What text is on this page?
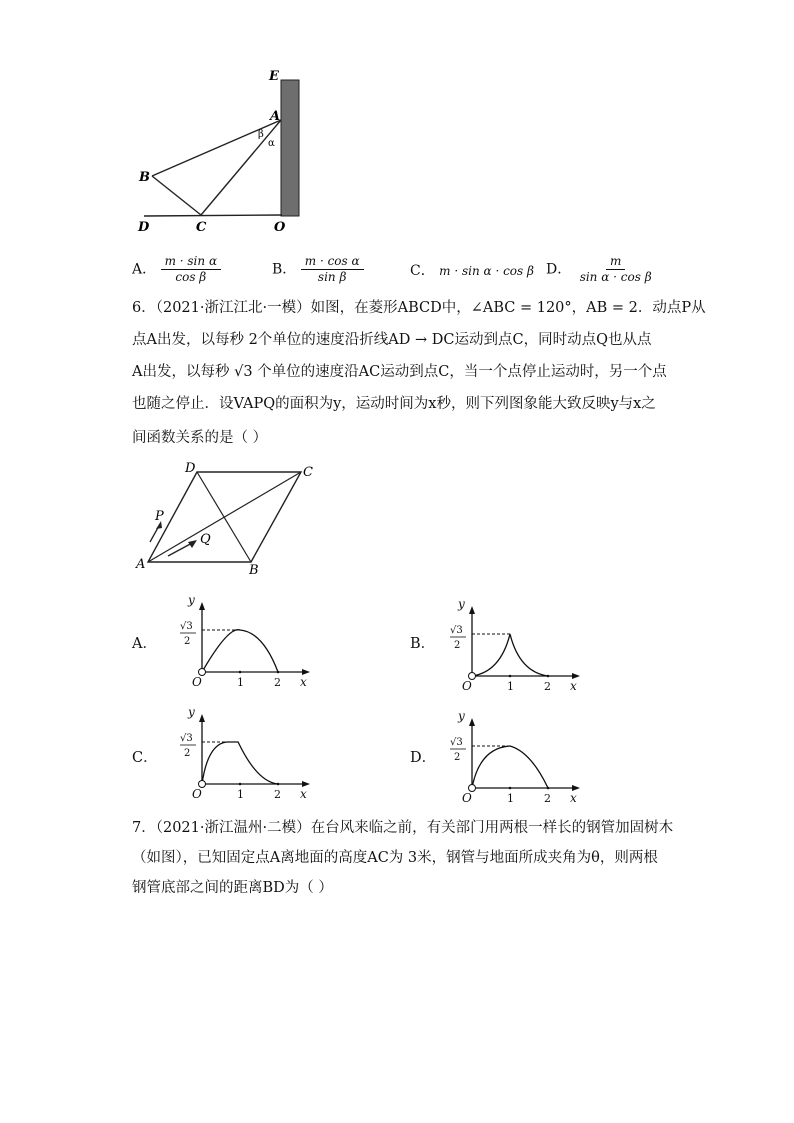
E
A
β
α
B
D	C	O
A． $\frac{\text{m · sin α}}{\text{cos β}}$	B． $\frac{\text{m · cos α}}{\text{sin β}}$	C． m · sin α · cos β D． $\frac{m}{\text{sin α · cos β}}$
6．（2021·浙江江北·一模）如图，在菱形ABCD中，∠ABC = 120°，AB = 2．动点P从
点A出发，以每秒 2个单位的速度沿折线AD → DC运动到点C，同时动点Q也从点
A出发，以每秒 √3 个单位的速度沿AC运动到点C，当一个点停止运动时，另一个点
也随之停止．设VAPQ的面积为y，运动时间为x秒，则下列图象能大致反映y与x之
间函数关系的是（ ）
D	C
P
Q
A	B
A．
y
x
O	1	2
√3
2	B．
y
x
O	1	2
√3
2
C．
y
x
O	1	2
√3
2	D．
y
x
O	1	2
√3
2
7．（2021·浙江温州·二模）在台风来临之前，有关部门用两根一样长的钢管加固树木
（如图），已知固定点A离地面的高度AC为 3米，钢管与地面所成夹角为θ，则两根
钢管底部之间的距离BD为（ ）
